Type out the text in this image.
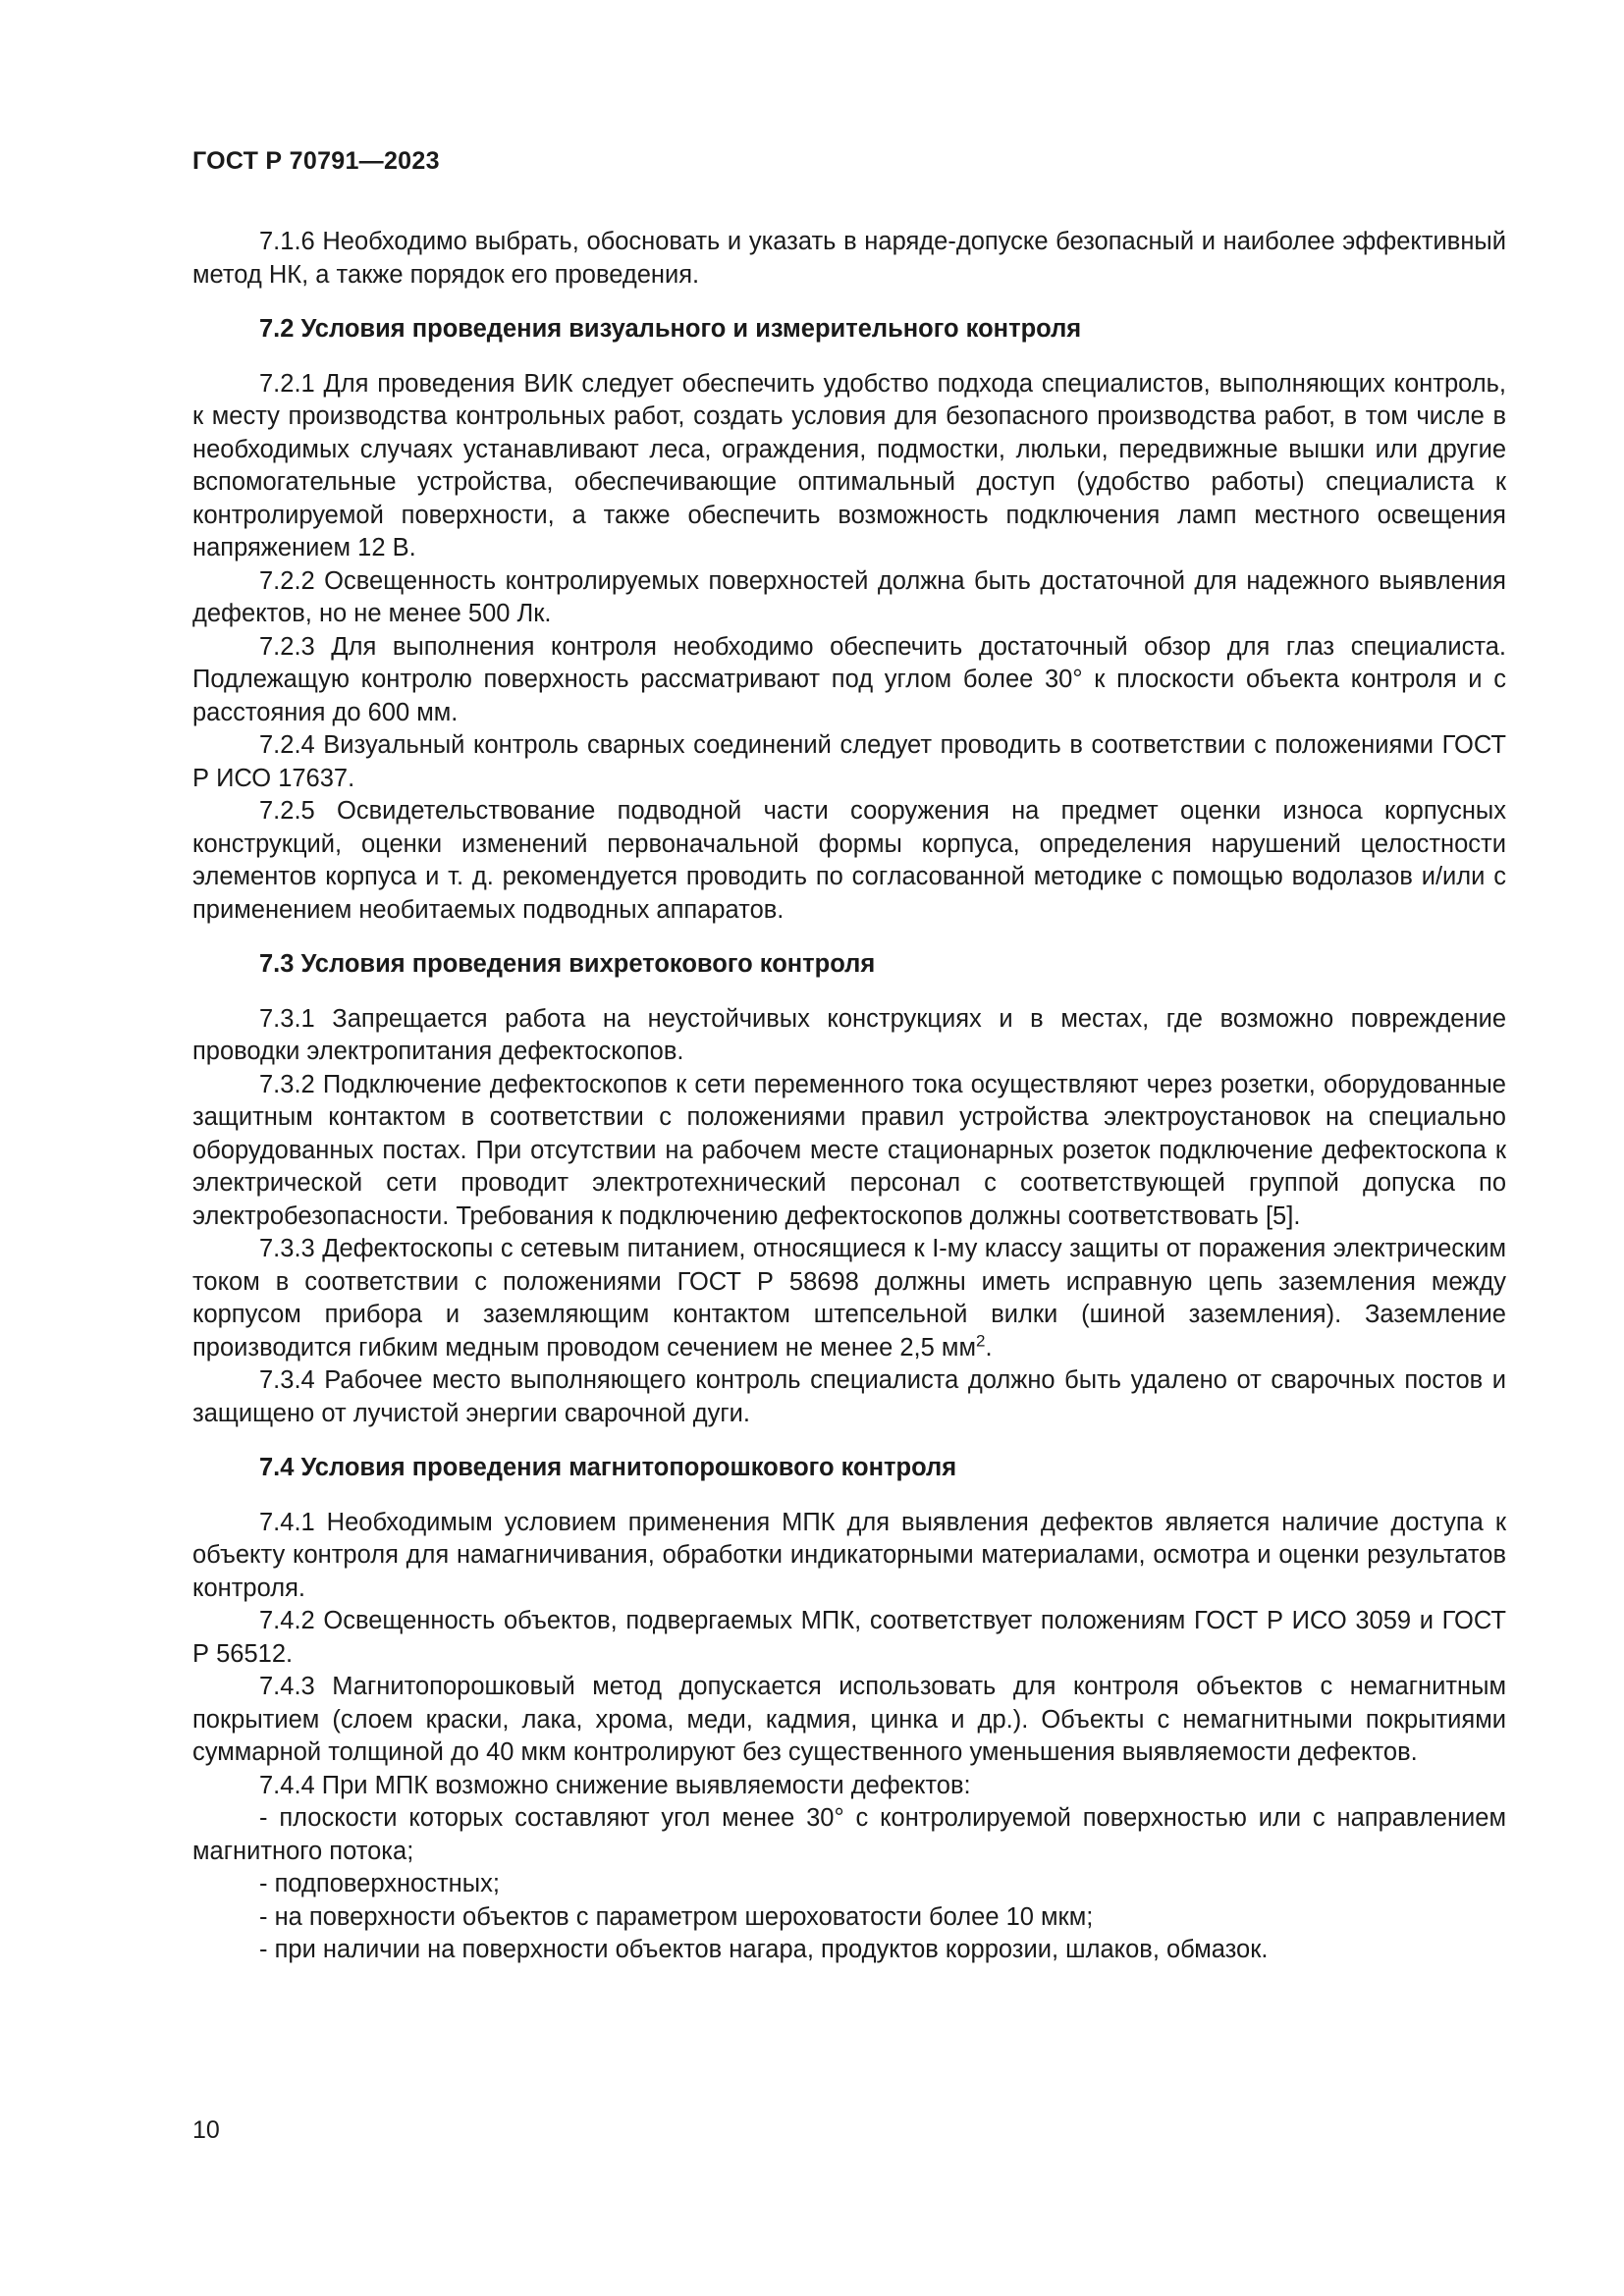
ГОСТ Р 70791—2023

7.1.6 Необходимо выбрать, обосновать и указать в наряде-допуске безопасный и наиболее эффективный метод НК, а также порядок его проведения.

7.2 Условия проведения визуального и измерительного контроля

7.2.1 Для проведения ВИК следует обеспечить удобство подхода специалистов, выполняющих контроль, к месту производства контрольных работ, создать условия для безопасного производства работ, в том числе в необходимых случаях устанавливают леса, ограждения, подмостки, люльки, передвижные вышки или другие вспомогательные устройства, обеспечивающие оптимальный доступ (удобство работы) специалиста к контролируемой поверхности, а также обеспечить возможность подключения ламп местного освещения напряжением 12 В.

7.2.2 Освещенность контролируемых поверхностей должна быть достаточной для надежного выявления дефектов, но не менее 500 Лк.

7.2.3 Для выполнения контроля необходимо обеспечить достаточный обзор для глаз специалиста. Подлежащую контролю поверхность рассматривают под углом более 30° к плоскости объекта контроля и с расстояния до 600 мм.

7.2.4 Визуальный контроль сварных соединений следует проводить в соответствии с положениями ГОСТ Р ИСО 17637.

7.2.5 Освидетельствование подводной части сооружения на предмет оценки износа корпусных конструкций, оценки изменений первоначальной формы корпуса, определения нарушений целостности элементов корпуса и т. д. рекомендуется проводить по согласованной методике с помощью водолазов и/или с применением необитаемых подводных аппаратов.

7.3 Условия проведения вихретокового контроля

7.3.1 Запрещается работа на неустойчивых конструкциях и в местах, где возможно повреждение проводки электропитания дефектоскопов.

7.3.2 Подключение дефектоскопов к сети переменного тока осуществляют через розетки, оборудованные защитным контактом в соответствии с положениями правил устройства электроустановок на специально оборудованных постах. При отсутствии на рабочем месте стационарных розеток подключение дефектоскопа к электрической сети проводит электротехнический персонал с соответствующей группой допуска по электробезопасности. Требования к подключению дефектоскопов должны соответствовать [5].

7.3.3 Дефектоскопы с сетевым питанием, относящиеся к I-му классу защиты от поражения электрическим током в соответствии с положениями ГОСТ Р 58698 должны иметь исправную цепь заземления между корпусом прибора и заземляющим контактом штепсельной вилки (шиной заземления). Заземление производится гибким медным проводом сечением не менее 2,5 $мм^2$.

7.3.4 Рабочее место выполняющего контроль специалиста должно быть удалено от сварочных постов и защищено от лучистой энергии сварочной дуги.

7.4 Условия проведения магнитопорошкового контроля

7.4.1 Необходимым условием применения МПК для выявления дефектов является наличие доступа к объекту контроля для намагничивания, обработки индикаторными материалами, осмотра и оценки результатов контроля.

7.4.2 Освещенность объектов, подвергаемых МПК, соответствует положениям ГОСТ Р ИСО 3059 и ГОСТ Р 56512.

7.4.3 Магнитопорошковый метод допускается использовать для контроля объектов с немагнитным покрытием (слоем краски, лака, хрома, меди, кадмия, цинка и др.). Объекты с немагнитными покрытиями суммарной толщиной до 40 мкм контролируют без существенного уменьшения выявляемости дефектов.

7.4.4 При МПК возможно снижение выявляемости дефектов:

- плоскости которых составляют угол менее 30° с контролируемой поверхностью или с направлением магнитного потока;

- подповерхностных;

- на поверхности объектов с параметром шероховатости более 10 мкм;

- при наличии на поверхности объектов нагара, продуктов коррозии, шлаков, обмазок.

10
